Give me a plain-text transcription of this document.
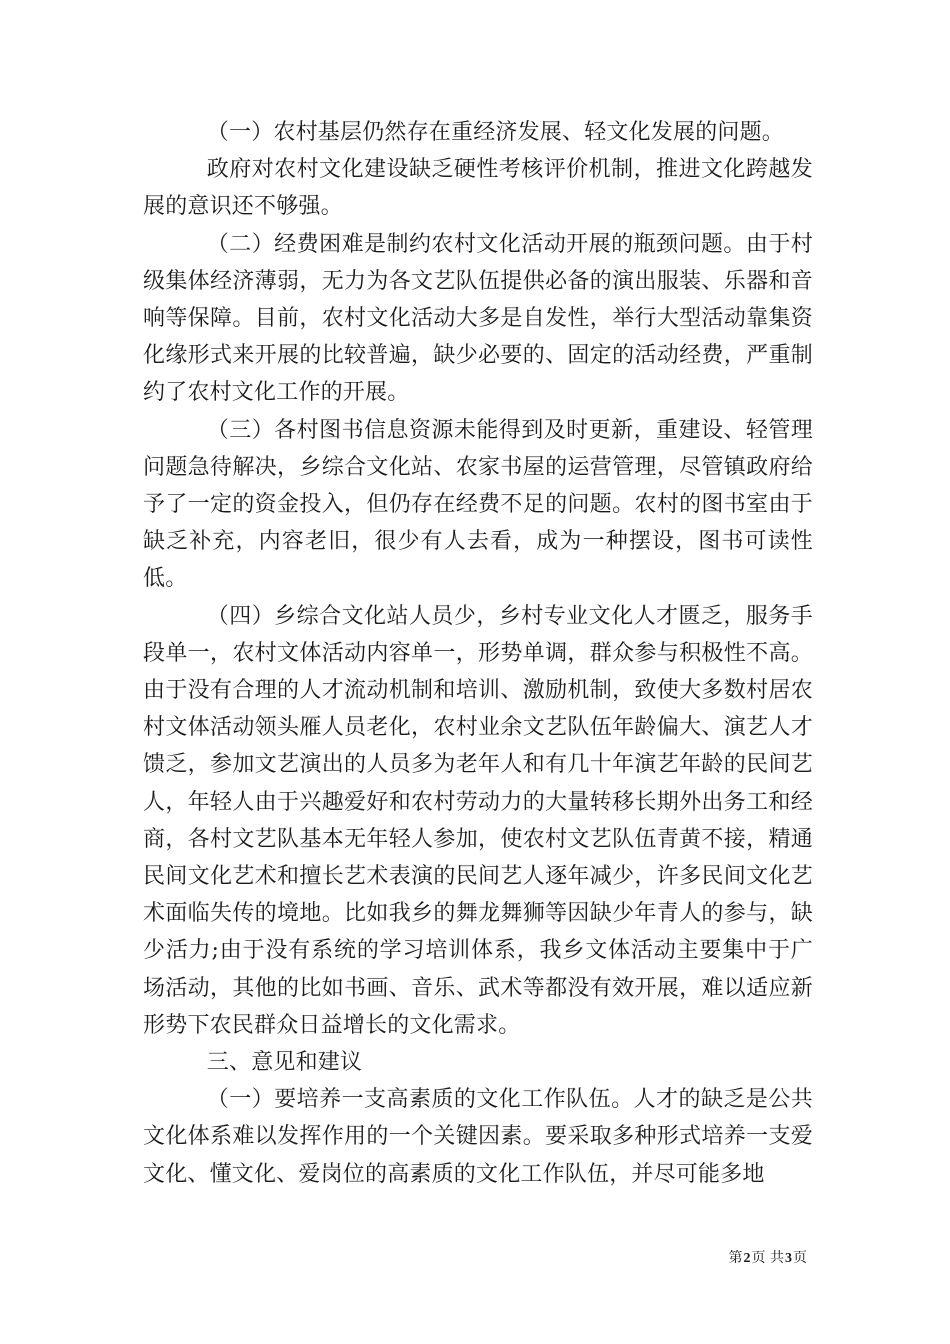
（一）农村基层仍然存在重经济发展、轻文化发展的问题。

政府对农村文化建设缺乏硬性考核评价机制，推进文化跨越发展的意识还不够强。

（二）经费困难是制约农村文化活动开展的瓶颈问题。由于村级集体经济薄弱，无力为各文艺队伍提供必备的演出服装、乐器和音响等保障。目前，农村文化活动大多是自发性，举行大型活动靠集资化缘形式来开展的比较普遍，缺少必要的、固定的活动经费，严重制约了农村文化工作的开展。

（三）各村图书信息资源未能得到及时更新，重建设、轻管理问题急待解决，乡综合文化站、农家书屋的运营管理，尽管镇政府给予了一定的资金投入，但仍存在经费不足的问题。农村的图书室由于缺乏补充，内容老旧，很少有人去看，成为一种摆设，图书可读性低。

（四）乡综合文化站人员少，乡村专业文化人才匮乏，服务手段单一，农村文体活动内容单一，形势单调，群众参与积极性不高。由于没有合理的人才流动机制和培训、激励机制，致使大多数村居农村文体活动领头雁人员老化，农村业余文艺队伍年龄偏大、演艺人才馈乏，参加文艺演出的人员多为老年人和有几十年演艺年龄的民间艺人，年轻人由于兴趣爱好和农村劳动力的大量转移长期外出务工和经商，各村文艺队基本无年轻人参加，使农村文艺队伍青黄不接，精通民间文化艺术和擅长艺术表演的民间艺人逐年减少，许多民间文化艺术面临失传的境地。比如我乡的舞龙舞狮等因缺少年青人的参与，缺少活力;由于没有系统的学习培训体系，我乡文体活动主要集中于广场活动，其他的比如书画、音乐、武术等都没有效开展，难以适应新形势下农民群众日益增长的文化需求。

三、意见和建议

（一）要培养一支高素质的文化工作队伍。人才的缺乏是公共文化体系难以发挥作用的一个关键因素。要采取多种形式培养一支爱文化、懂文化、爱岗位的高素质的文化工作队伍，并尽可能多地

第2页 共3页
